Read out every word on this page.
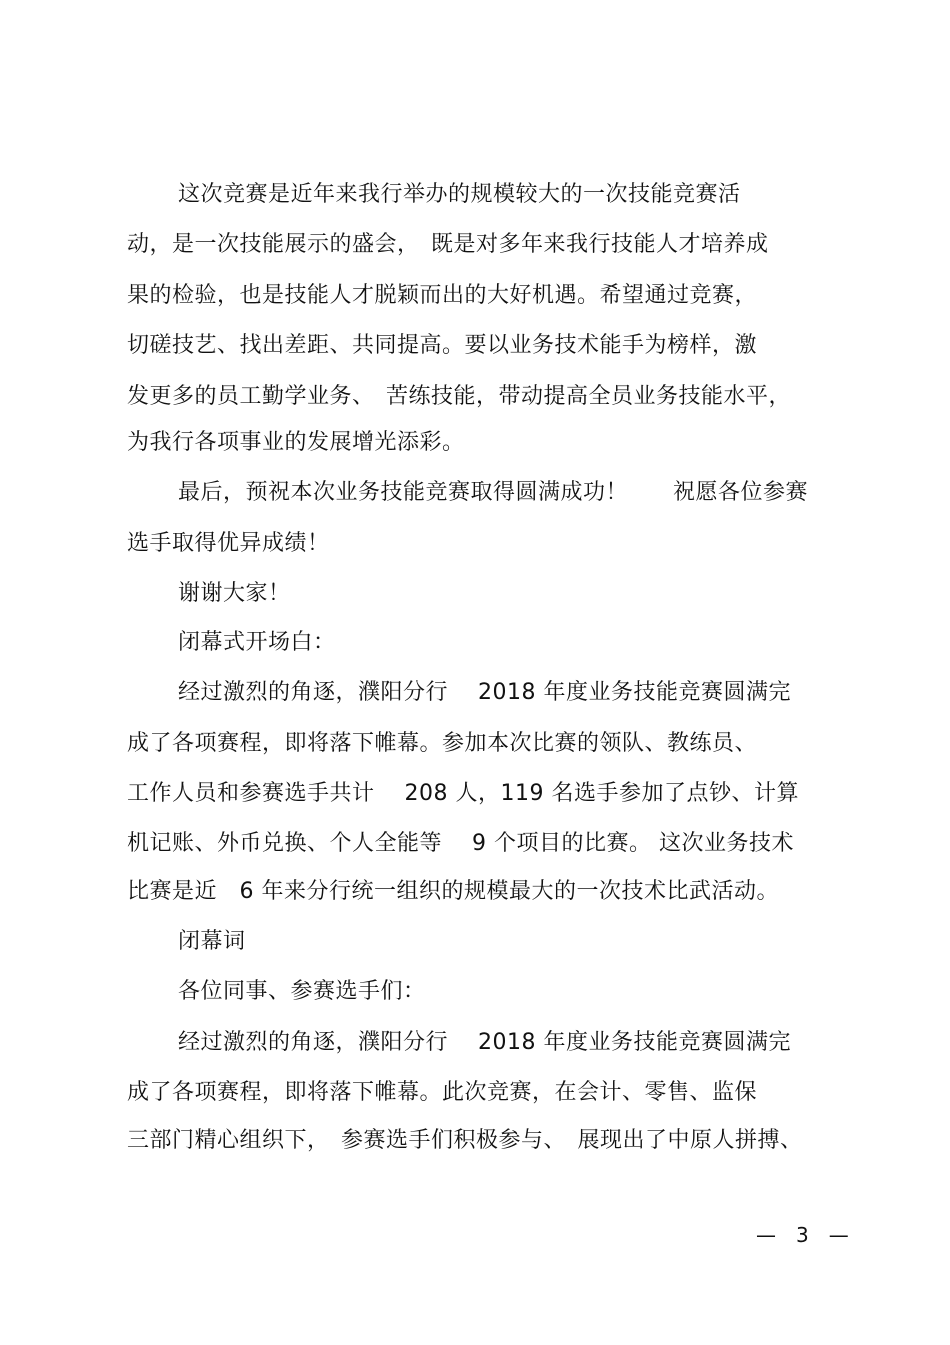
这次竞赛是近年来我行举办的规模较大的一次技能竞赛活
动，是一次技能展示的盛会，　既是对多年来我行技能人才培养成
果的检验，也是技能人才脱颖而出的大好机遇。希望通过竞赛，
切磋技艺、找出差距、共同提高。要以业务技术能手为榜样，激
发更多的员工勤学业务、　苦练技能，带动提高全员业务技能水平，
为我行各项事业的发展增光添彩。
最后，预祝本次业务技能竞赛取得圆满成功！　　祝愿各位参赛
选手取得优异成绩！
谢谢大家！
闭幕式开场白：
经过激烈的角逐，濮阳分行　 2018 年度业务技能竞赛圆满完
成了各项赛程，即将落下帷幕。参加本次比赛的领队、教练员、
工作人员和参赛选手共计　 208 人，119 名选手参加了点钞、计算
机记账、外币兑换、个人全能等　 9 个项目的比赛。 这次业务技术
比赛是近　6 年来分行统一组织的规模最大的一次技术比武活动。
闭幕词
各位同事、参赛选手们：
经过激烈的角逐，濮阳分行　 2018 年度业务技能竞赛圆满完
成了各项赛程，即将落下帷幕。此次竞赛，在会计、零售、监保
三部门精心组织下，　参赛选手们积极参与、　展现出了中原人拼搏、
—　3　—
